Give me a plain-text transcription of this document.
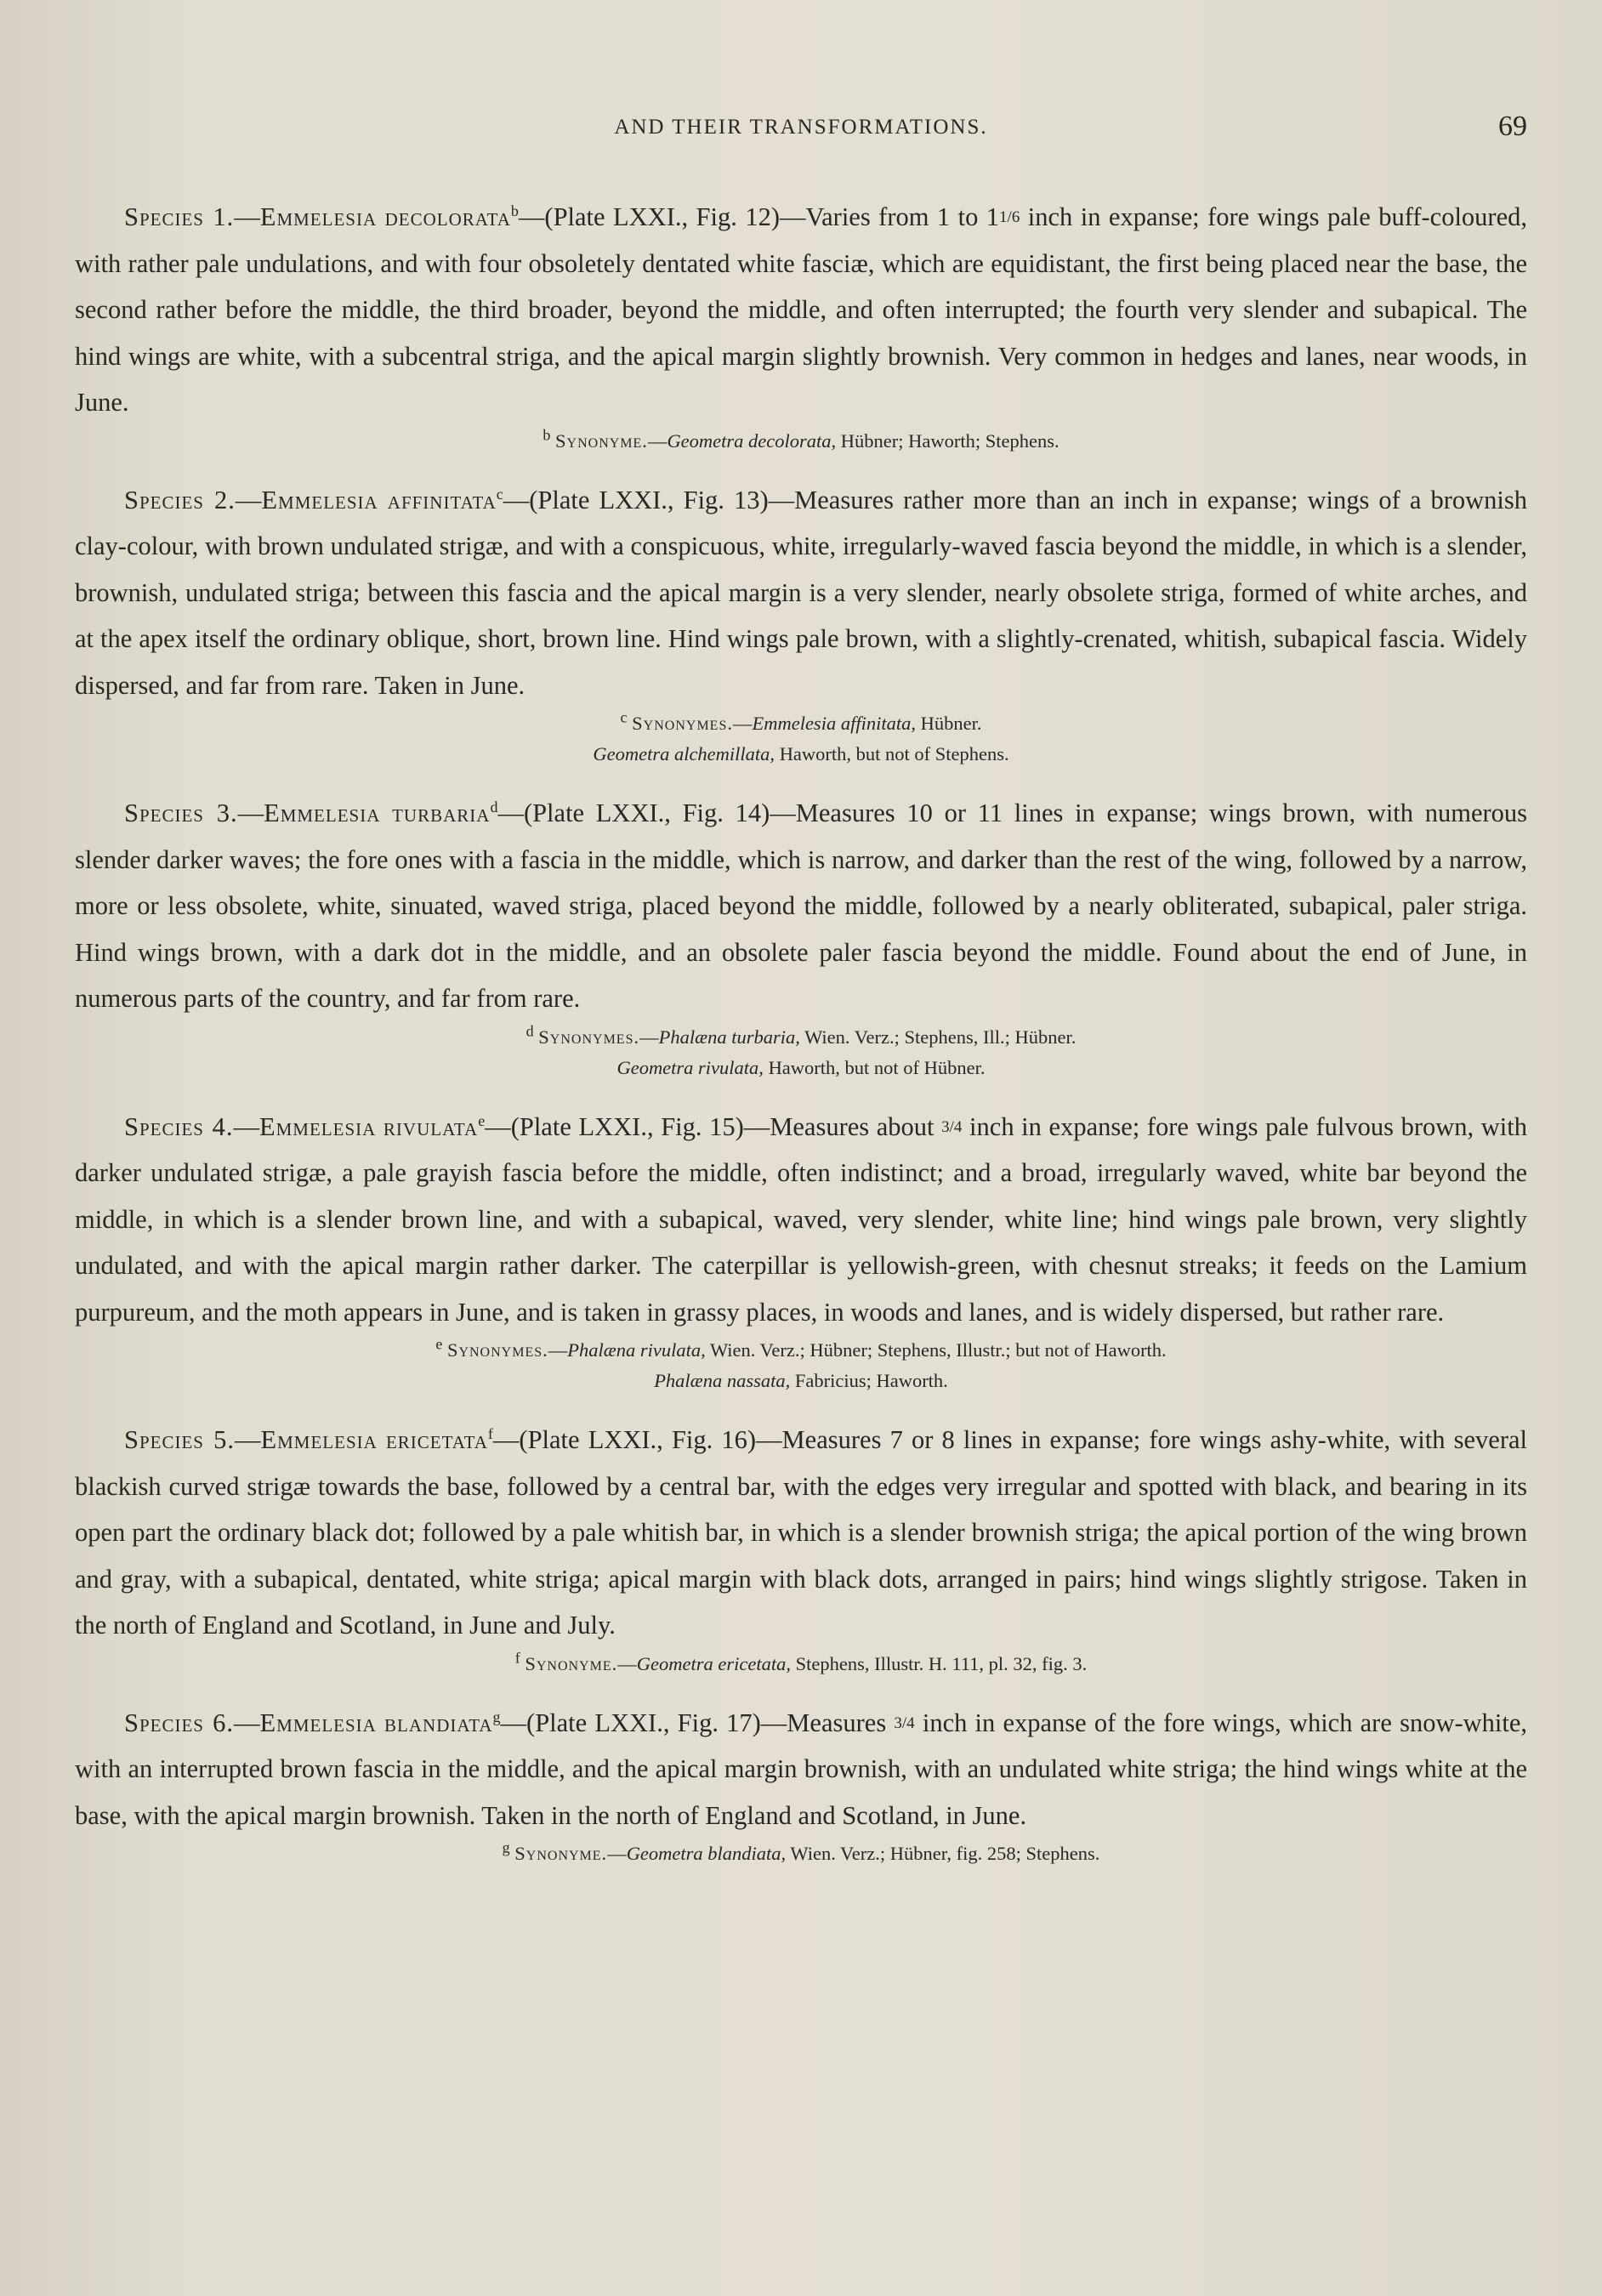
AND THEIR TRANSFORMATIONS.	69

Species 1.—Emmelesia decolorata$^b$—(Plate LXXI., Fig. 12)—Varies from 1 to 11/6 inch in expanse; fore wings pale buff-coloured, with rather pale undulations, and with four obsoletely dentated white fasciæ, which are equidistant, the first being placed near the base, the second rather before the middle, the third broader, beyond the middle, and often interrupted; the fourth very slender and subapical. The hind wings are white, with a subcentral striga, and the apical margin slightly brownish. Very common in hedges and lanes, near woods, in June.

$^b$ Synonyme.—Geometra decolorata, Hübner; Haworth; Stephens.

Species 2.—Emmelesia affinitata$^c$—(Plate LXXI., Fig. 13)—Measures rather more than an inch in expanse; wings of a brownish clay-colour, with brown undulated strigæ, and with a conspicuous, white, irregularly-waved fascia beyond the middle, in which is a slender, brownish, undulated striga; between this fascia and the apical margin is a very slender, nearly obsolete striga, formed of white arches, and at the apex itself the ordinary oblique, short, brown line. Hind wings pale brown, with a slightly-crenated, whitish, subapical fascia. Widely dispersed, and far from rare. Taken in June.

$^c$ Synonymes.—Emmelesia affinitata, Hübner.

Geometra alchemillata, Haworth, but not of Stephens.

Species 3.—Emmelesia turbaria$^d$—(Plate LXXI., Fig. 14)—Measures 10 or 11 lines in expanse; wings brown, with numerous slender darker waves; the fore ones with a fascia in the middle, which is narrow, and darker than the rest of the wing, followed by a narrow, more or less obsolete, white, sinuated, waved striga, placed beyond the middle, followed by a nearly obliterated, subapical, paler striga. Hind wings brown, with a dark dot in the middle, and an obsolete paler fascia beyond the middle. Found about the end of June, in numerous parts of the country, and far from rare.

$^d$ Synonymes.—Phalæna turbaria, Wien. Verz.; Stephens, Ill.; Hübner.

Geometra rivulata, Haworth, but not of Hübner.

Species 4.—Emmelesia rivulata$^e$—(Plate LXXI., Fig. 15)—Measures about 3/4 inch in expanse; fore wings pale fulvous brown, with darker undulated strigæ, a pale grayish fascia before the middle, often indistinct; and a broad, irregularly waved, white bar beyond the middle, in which is a slender brown line, and with a subapical, waved, very slender, white line; hind wings pale brown, very slightly undulated, and with the apical margin rather darker. The caterpillar is yellowish-green, with chesnut streaks; it feeds on the Lamium purpureum, and the moth appears in June, and is taken in grassy places, in woods and lanes, and is widely dispersed, but rather rare.

$^e$ Synonymes.—Phalæna rivulata, Wien. Verz.; Hübner; Stephens, Illustr.; but not of Haworth.

Phalæna nassata, Fabricius; Haworth.

Species 5.—Emmelesia ericetata$^f$—(Plate LXXI., Fig. 16)—Measures 7 or 8 lines in expanse; fore wings ashy-white, with several blackish curved strigæ towards the base, followed by a central bar, with the edges very irregular and spotted with black, and bearing in its open part the ordinary black dot; followed by a pale whitish bar, in which is a slender brownish striga; the apical portion of the wing brown and gray, with a subapical, dentated, white striga; apical margin with black dots, arranged in pairs; hind wings slightly strigose. Taken in the north of England and Scotland, in June and July.

$^f$ Synonyme.—Geometra ericetata, Stephens, Illustr. H. 111, pl. 32, fig. 3.

Species 6.—Emmelesia blandiata$^g$—(Plate LXXI., Fig. 17)—Measures 3/4 inch in expanse of the fore wings, which are snow-white, with an interrupted brown fascia in the middle, and the apical margin brownish, with an undulated white striga; the hind wings white at the base, with the apical margin brownish. Taken in the north of England and Scotland, in June.

$^g$ Synonyme.—Geometra blandiata, Wien. Verz.; Hübner, fig. 258; Stephens.
